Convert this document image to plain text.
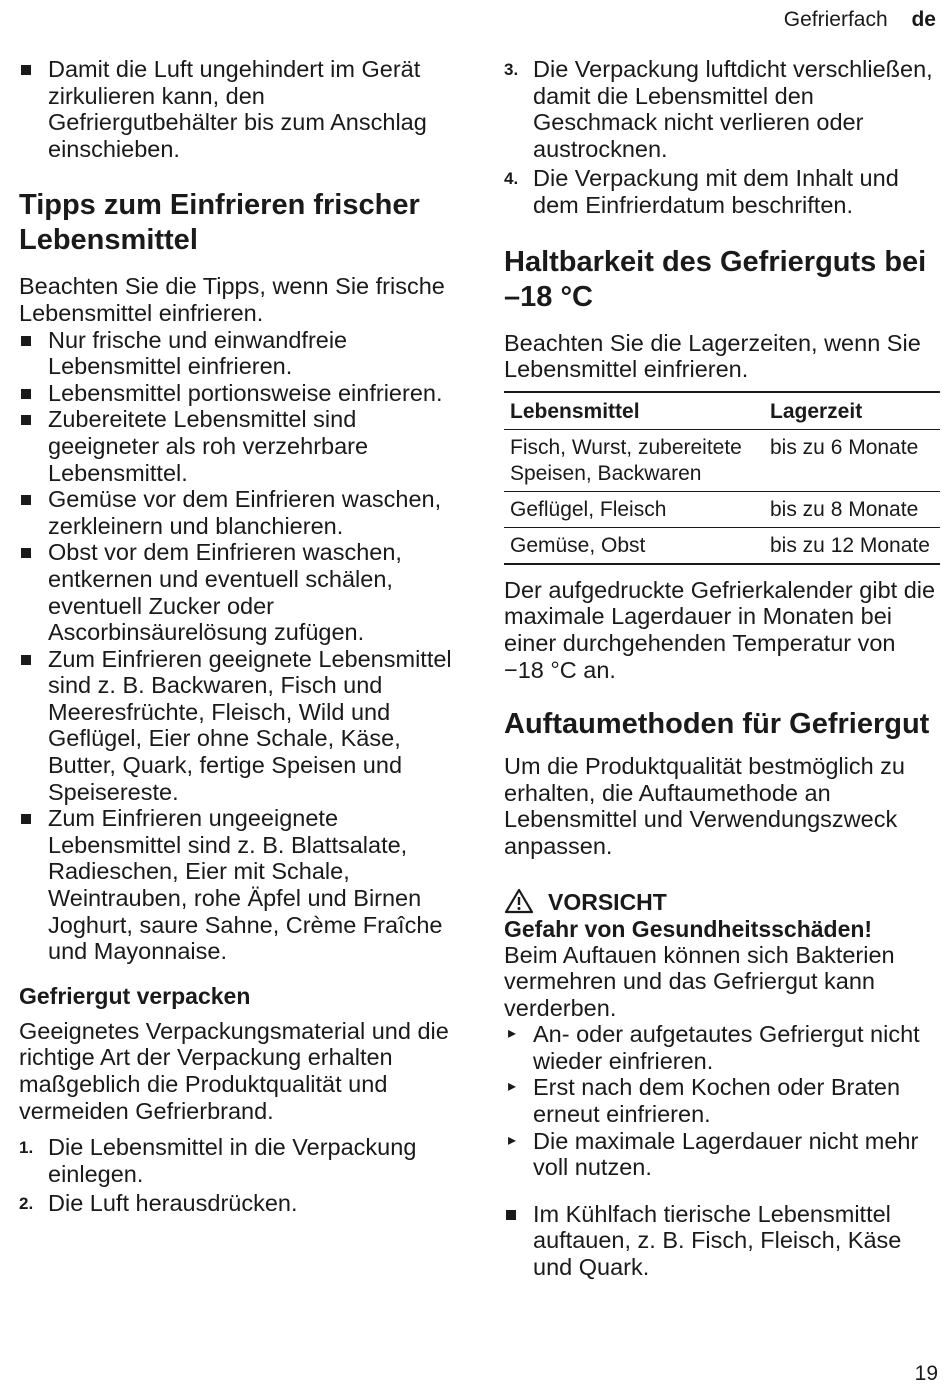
Gefrierfach de
Damit die Luft ungehindert im Gerät zirkulieren kann, den Gefriergutbehälter bis zum Anschlag einschieben.
Tipps zum Einfrieren frischer Lebensmittel

Beachten Sie die Tipps, wenn Sie frische Lebensmittel einfrieren.

Nur frische und einwandfreie Lebensmittel einfrieren.
Lebensmittel portionsweise einfrieren.
Zubereitete Lebensmittel sind geeigneter als roh verzehrbare Lebensmittel.
Gemüse vor dem Einfrieren waschen, zerkleinern und blanchieren.
Obst vor dem Einfrieren waschen, entkernen und eventuell schälen, eventuell Zucker oder Ascorbinsäurelösung zufügen.
Zum Einfrieren geeignete Lebensmittel sind z. B. Backwaren, Fisch und Meeresfrüchte, Fleisch, Wild und Geflügel, Eier ohne Schale, Käse, Butter, Quark, fertige Speisen und Speisereste.
Zum Einfrieren ungeeignete Lebensmittel sind z. B. Blattsalate, Radieschen, Eier mit Schale, Weintrauben, rohe Äpfel und Birnen Joghurt, saure Sahne, Crème Fraîche und Mayonnaise.
Gefriergut verpacken

Geeignetes Verpackungsmaterial und die richtige Art der Verpackung erhalten maßgeblich die Produktqualität und vermeiden Gefrierbrand.

1. Die Lebensmittel in die Verpackung einlegen.
2. Die Luft herausdrücken.
3. Die Verpackung luftdicht verschließen, damit die Lebensmittel den Geschmack nicht verlieren oder austrocknen.
4. Die Verpackung mit dem Inhalt und dem Einfrierdatum beschriften.
Haltbarkeit des Gefrierguts bei –18 °C

Beachten Sie die Lagerzeiten, wenn Sie Lebensmittel einfrieren.

Lebensmittel	Lagerzeit
Fisch, Wurst, zubereitete Speisen, Backwaren	bis zu 6 Monate
Geflügel, Fleisch	bis zu 8 Monate
Gemüse, Obst	bis zu 12 Monate

Der aufgedruckte Gefrierkalender gibt die maximale Lagerdauer in Monaten bei einer durchgehenden Temperatur von −18 °C an.

Auftaumethoden für Gefriergut

Um die Produktqualität bestmöglich zu erhalten, die Auftaumethode an Lebensmittel und Verwendungszweck anpassen.

VORSICHT
Gefahr von Gesundheitsschäden!

Beim Auftauen können sich Bakterien vermehren und das Gefriergut kann verderben.

▸ An- oder aufgetautes Gefriergut nicht wieder einfrieren.
▸ Erst nach dem Kochen oder Braten erneut einfrieren.
▸ Die maximale Lagerdauer nicht mehr voll nutzen.
Im Kühlfach tierische Lebensmittel auftauen, z. B. Fisch, Fleisch, Käse und Quark.
19
